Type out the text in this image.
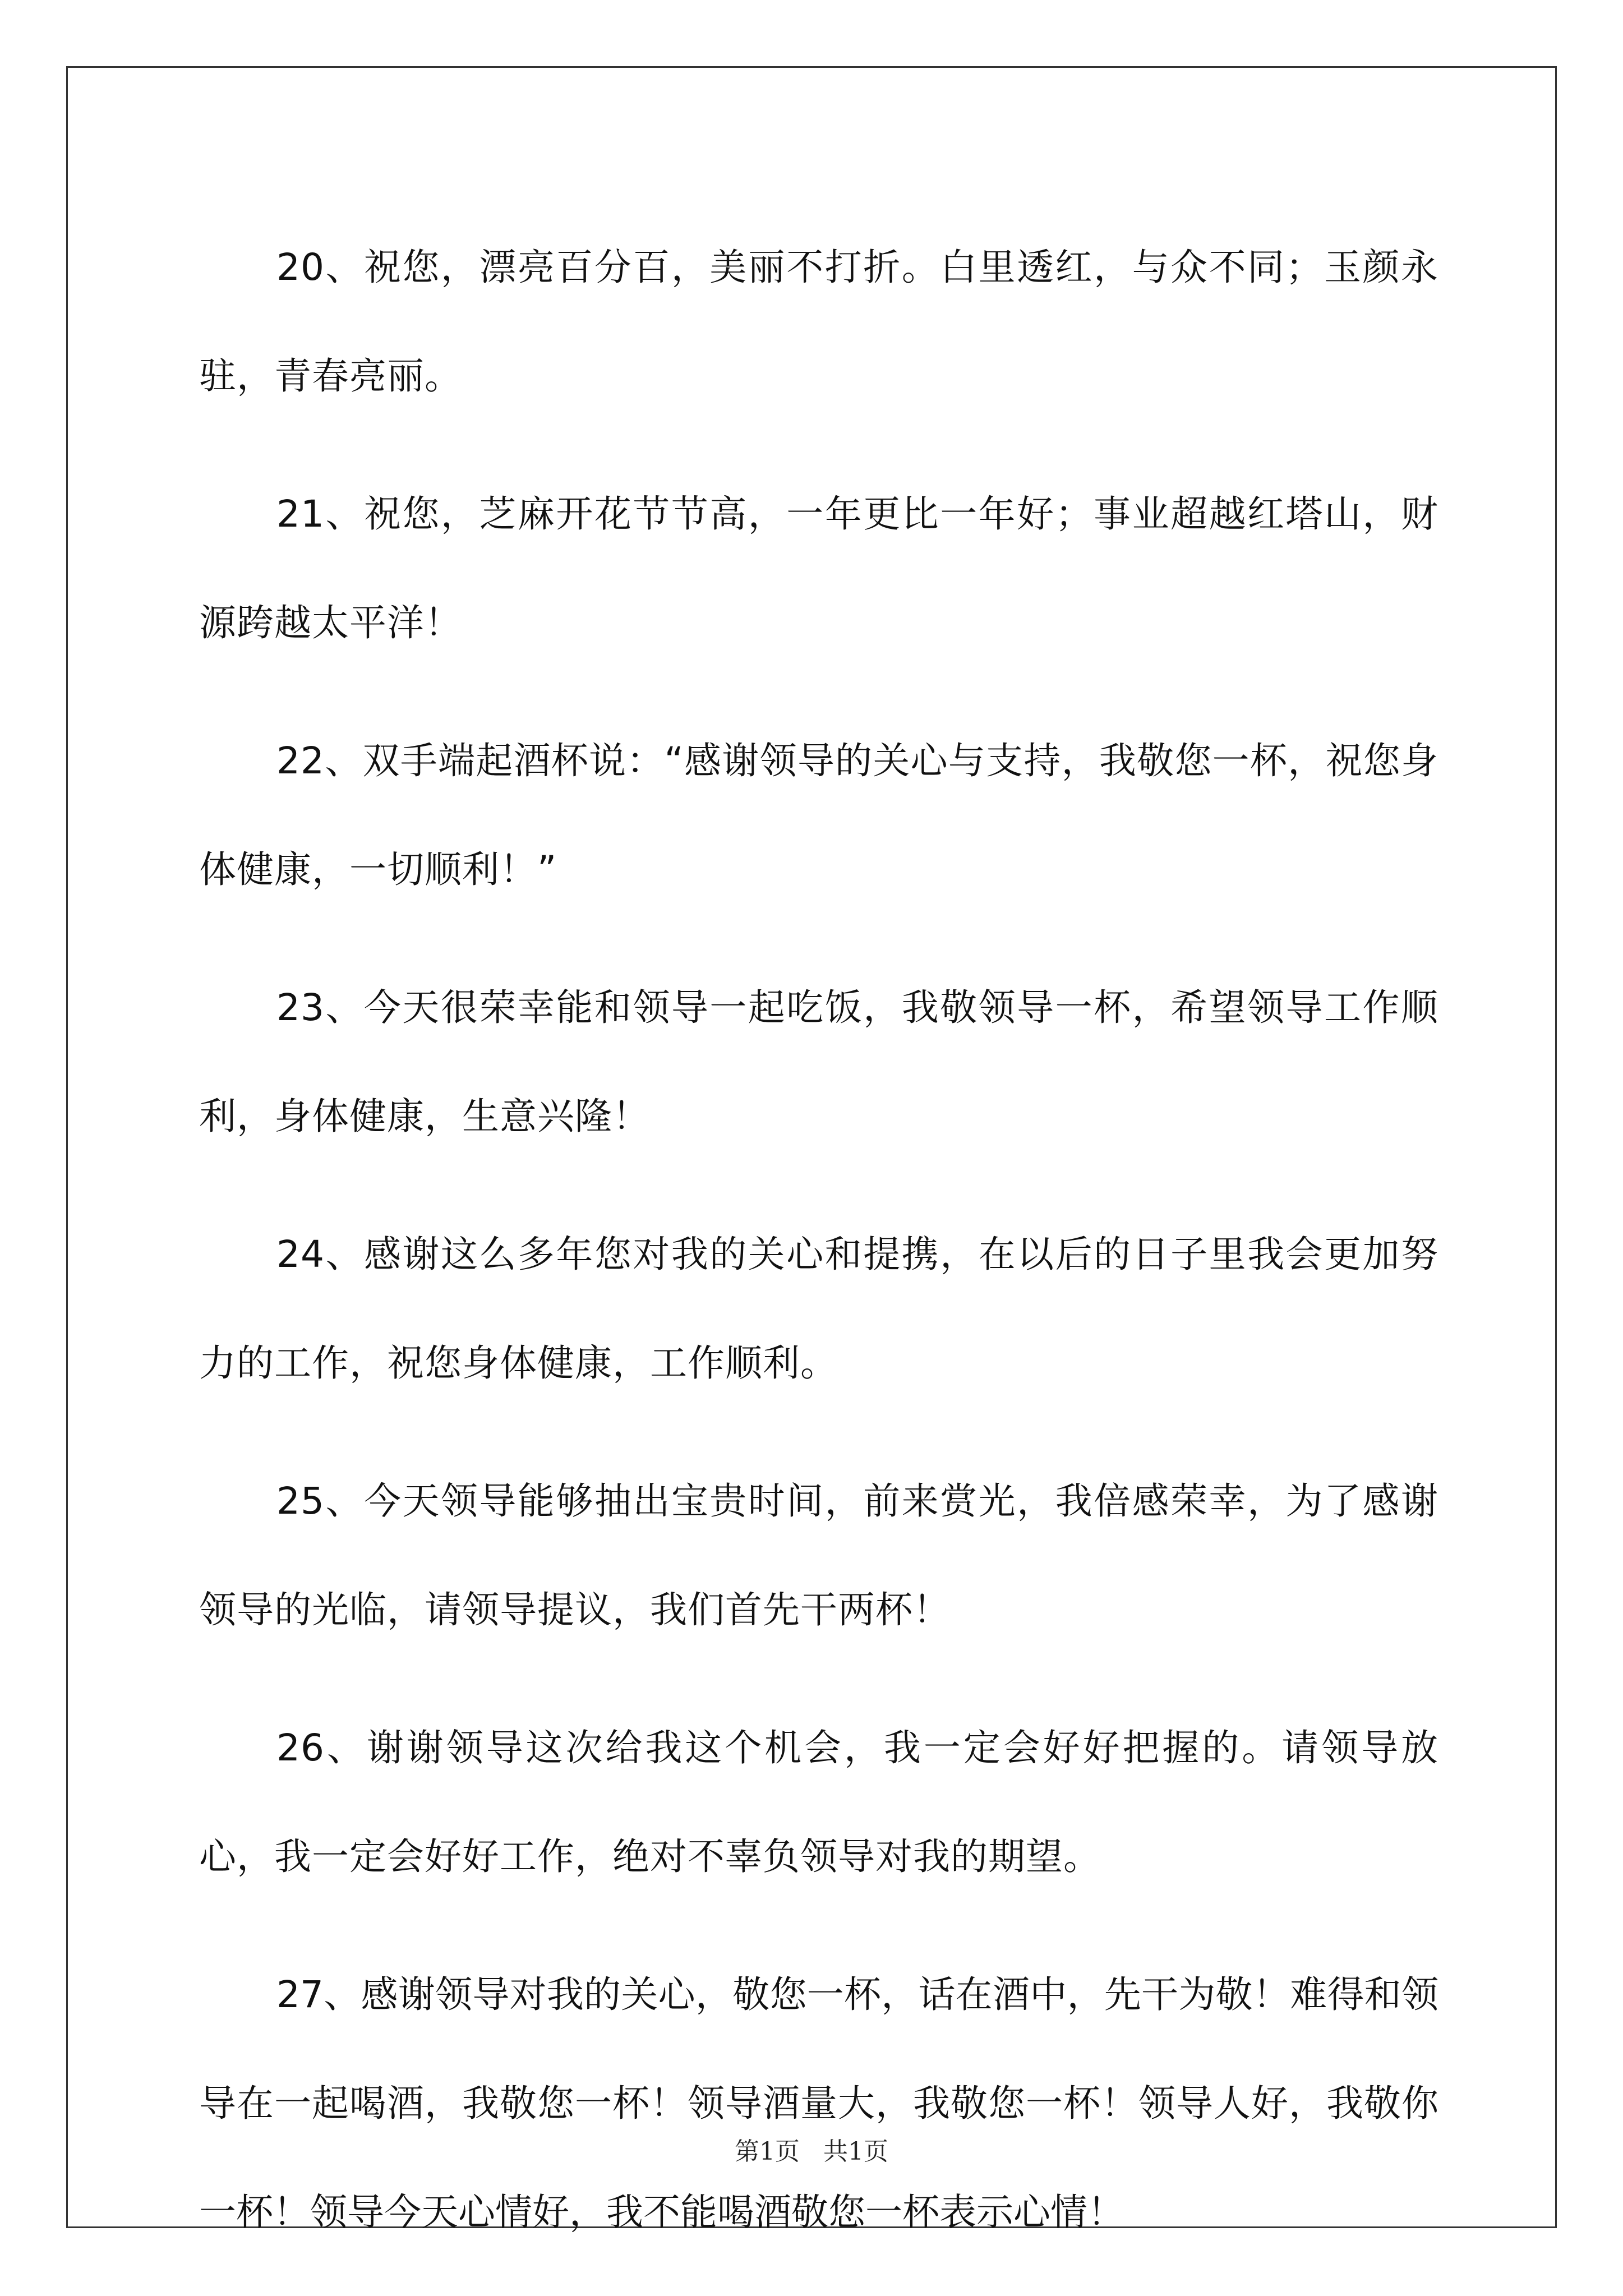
20、祝您，漂亮百分百，美丽不打折。白里透红，与众不同；玉颜永驻，青春亮丽。

21、祝您，芝麻开花节节高，一年更比一年好；事业超越红塔山，财源跨越太平洋！

22、双手端起酒杯说：“感谢领导的关心与支持，我敬您一杯，祝您身体健康，一切顺利！”

23、今天很荣幸能和领导一起吃饭，我敬领导一杯，希望领导工作顺利，身体健康，生意兴隆！

24、感谢这么多年您对我的关心和提携，在以后的日子里我会更加努力的工作，祝您身体健康，工作顺利。

25、今天领导能够抽出宝贵时间，前来赏光，我倍感荣幸，为了感谢领导的光临，请领导提议，我们首先干两杯！

26、谢谢领导这次给我这个机会，我一定会好好把握的。请领导放心，我一定会好好工作，绝对不辜负领导对我的期望。

27、感谢领导对我的关心，敬您一杯，话在酒中，先干为敬！难得和领导在一起喝酒，我敬您一杯！领导酒量大，我敬您一杯！领导人好，我敬你一杯！领导今天心情好，我不能喝酒敬您一杯表示心情！

第1页 共1页
